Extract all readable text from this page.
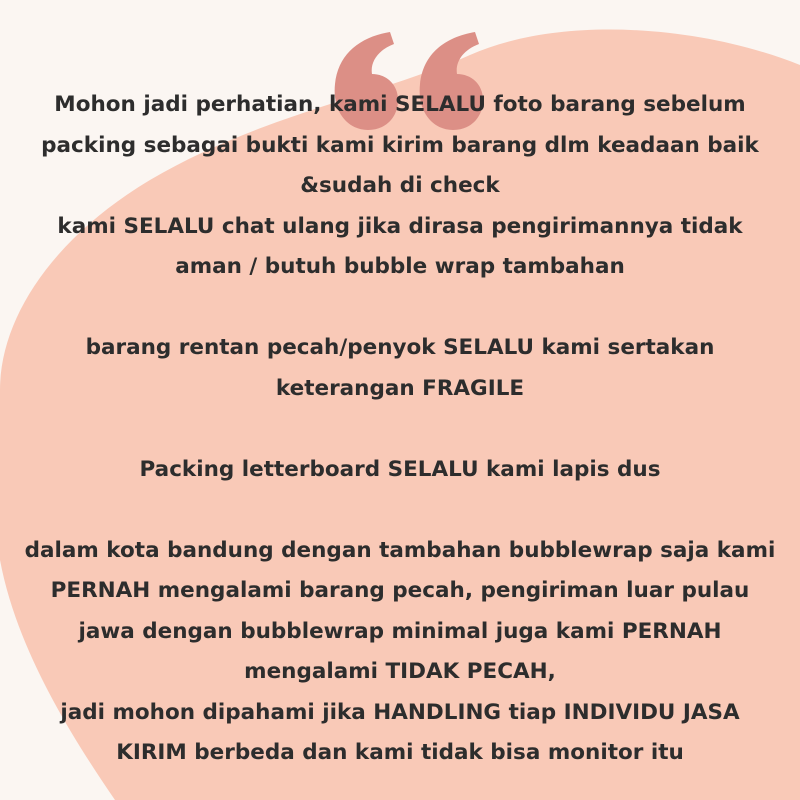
Mohon jadi perhatian, kami SELALU foto barang sebelum

packing sebagai bukti kami kirim barang dlm keadaan baik

&sudah di check

kami SELALU chat ulang jika dirasa pengirimannya tidak

aman / butuh bubble wrap tambahan

barang rentan pecah/penyok SELALU kami sertakan

keterangan FRAGILE

Packing letterboard SELALU kami lapis dus

dalam kota bandung dengan tambahan bubblewrap saja kami

PERNAH mengalami barang pecah, pengiriman luar pulau

jawa dengan bubblewrap minimal juga kami PERNAH

mengalami TIDAK PECAH,

jadi mohon dipahami jika HANDLING tiap INDIVIDU JASA

KIRIM berbeda dan kami tidak bisa monitor itu
